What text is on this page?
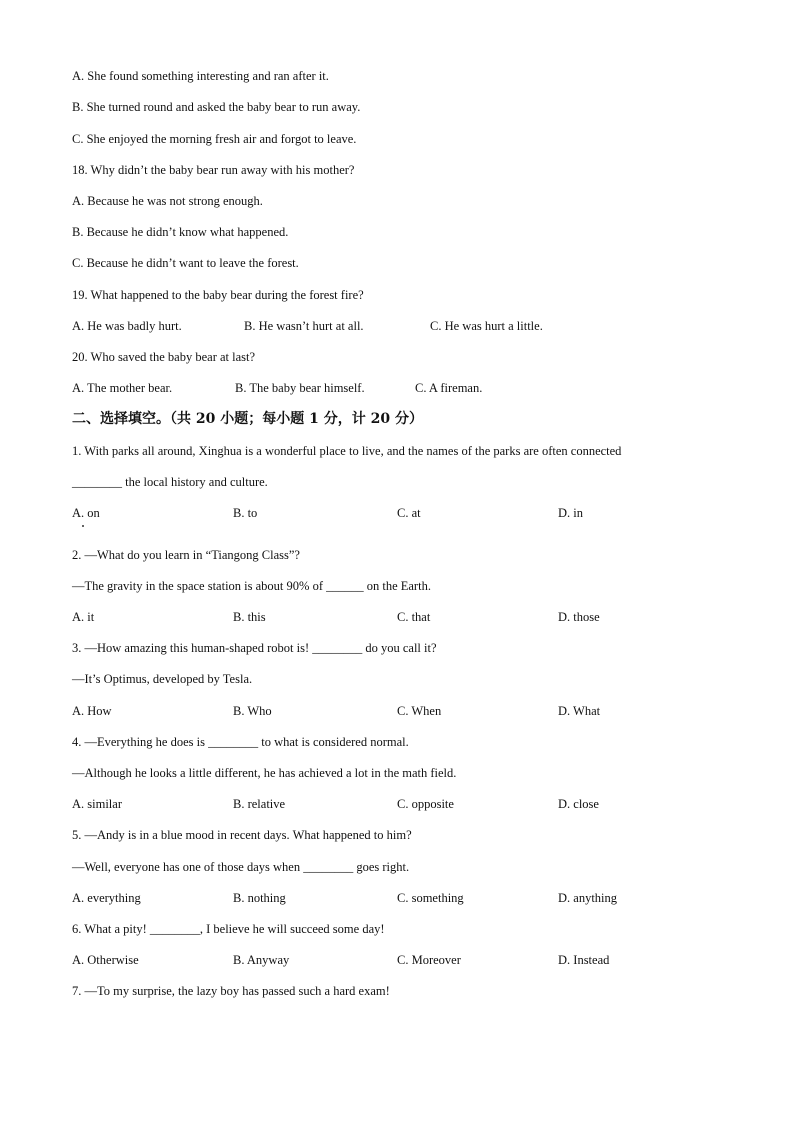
A. She found something interesting and ran after it.
B. She turned round and asked the baby bear to run away.
C. She enjoyed the morning fresh air and forgot to leave.
18. Why didn’t the baby bear run away with his mother?
A. Because he was not strong enough.
B. Because he didn’t know what happened.
C. Because he didn’t want to leave the forest.
19. What happened to the baby bear during the forest fire?
A. He was badly hurt.	B. He wasn’t hurt at all.	C. He was hurt a little.
20. Who saved the baby bear at last?
A. The mother bear.	B. The baby bear himself.	C. A fireman.
二、选择填空。（共 20 小题；每小题 1 分，计 20 分）
1. With parks all around, Xinghua is a wonderful place to live, and the names of the parks are often connected
________ the local history and culture.
A. on	B. to	C. at	D. in
2. —What do you learn in “Tiangong Class”?
—The gravity in the space station is about 90% of ______ on the Earth.
A. it	B. this	C. that	D. those
3. —How amazing this human-shaped robot is! ________ do you call it?
—It’s Optimus, developed by Tesla.
A. How	B. Who	C. When	D. What
4. —Everything he does is ________ to what is considered normal.
—Although he looks a little different, he has achieved a lot in the math field.
A. similar	B. relative	C. opposite	D. close
5. —Andy is in a blue mood in recent days. What happened to him?
—Well, everyone has one of those days when ________ goes right.
A. everything	B. nothing	C. something	D. anything
6. What a pity! ________, I believe he will succeed some day!
A. Otherwise	B. Anyway	C. Moreover	D. Instead
7. —To my surprise, the lazy boy has passed such a hard exam!
